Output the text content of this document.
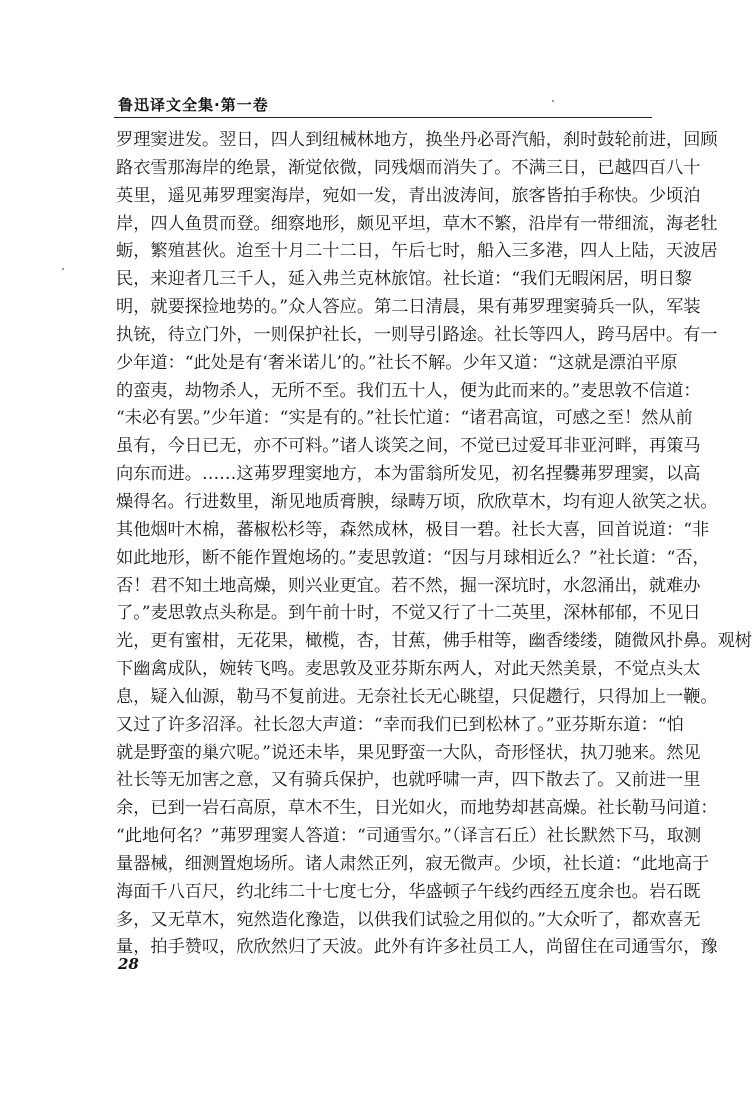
鲁迅译文全集·第一卷
罗理窦进发。翌日，四人到纽械林地方，换坐丹必哥汽船，刹时鼓轮前进，回顾
路衣雪那海岸的绝景，渐觉依微，同残烟而消失了。不满三日，已越四百八十
英里，遥见茀罗理窦海岸，宛如一发，青出波涛间，旅客皆拍手称快。少顷泊
岸，四人鱼贯而登。细察地形，颇见平坦，草木不繁，沿岸有一带细流，海老牡
蛎，繁殖甚伙。迨至十月二十二日，午后七时，船入三多港，四人上陆，天波居
民，来迎者几三千人，延入弗兰克林旅馆。社长道：“我们无暇闲居，明日黎
明，就要探捡地势的。”众人答应。第二日清晨，果有茀罗理窦骑兵一队，军装
执铳，待立门外，一则保护社长，一则导引路途。社长等四人，跨马居中。有一
少年道：“此处是有‘奢米诺儿’的。”社长不解。少年又道：“这就是漂泊平原
的蛮夷，劫物杀人，无所不至。我们五十人，便为此而来的。”麦思敦不信道：
“未必有罢。”少年道：“实是有的。”社长忙道：“诸君高谊，可感之至！然从前
虽有，今日已无，亦不可料。”诸人谈笑之间，不觉已过爱耳非亚河畔，再策马
向东而进。……这茀罗理窦地方，本为雷翁所发见，初名捏爨茀罗理窦，以高
燥得名。行进数里，渐见地质膏腴，绿畴万顷，欣欣草木，均有迎人欲笑之状。
其他烟叶木棉，蕃椒松杉等，森然成林，极目一碧。社长大喜，回首说道：“非
如此地形，断不能作置炮场的。”麦思敦道：“因与月球相近么？”社长道：“否，
否！君不知土地高燥，则兴业更宜。若不然，掘一深坑时，水忽涌出，就难办
了。”麦思敦点头称是。到午前十时，不觉又行了十二英里，深林郁郁，不见日
光，更有蜜柑，无花果，橄榄，杏，甘蕉，佛手柑等，幽香缕缕，随微风扑鼻。观树
下幽禽成队，婉转飞鸣。麦思敦及亚芬斯东两人，对此天然美景，不觉点头太
息，疑入仙源，勒马不复前进。无奈社长无心眺望，只促趱行，只得加上一鞭。
又过了许多沼泽。社长忽大声道：“幸而我们已到松林了。”亚芬斯东道：“怕
就是野蛮的巢穴呢。”说还未毕，果见野蛮一大队，奇形怪状，执刀驰来。然见
社长等无加害之意，又有骑兵保护，也就呼啸一声，四下散去了。又前进一里
余，已到一岩石高原，草木不生，日光如火，而地势却甚高燥。社长勒马问道：
“此地何名？”茀罗理窦人答道：“司通雪尔。”（译言石丘）社长默然下马，取测
量器械，细测置炮场所。诸人肃然正列，寂无微声。少顷，社长道：“此地高于
海面千八百尺，约北纬二十七度七分，华盛顿子午线约西经五度余也。岩石既
多，又无草木，宛然造化豫造，以供我们试验之用似的。”大众听了，都欢喜无
量，拍手赞叹，欣欣然归了天波。此外有许多社员工人，尚留住在司通雪尔，豫
28
